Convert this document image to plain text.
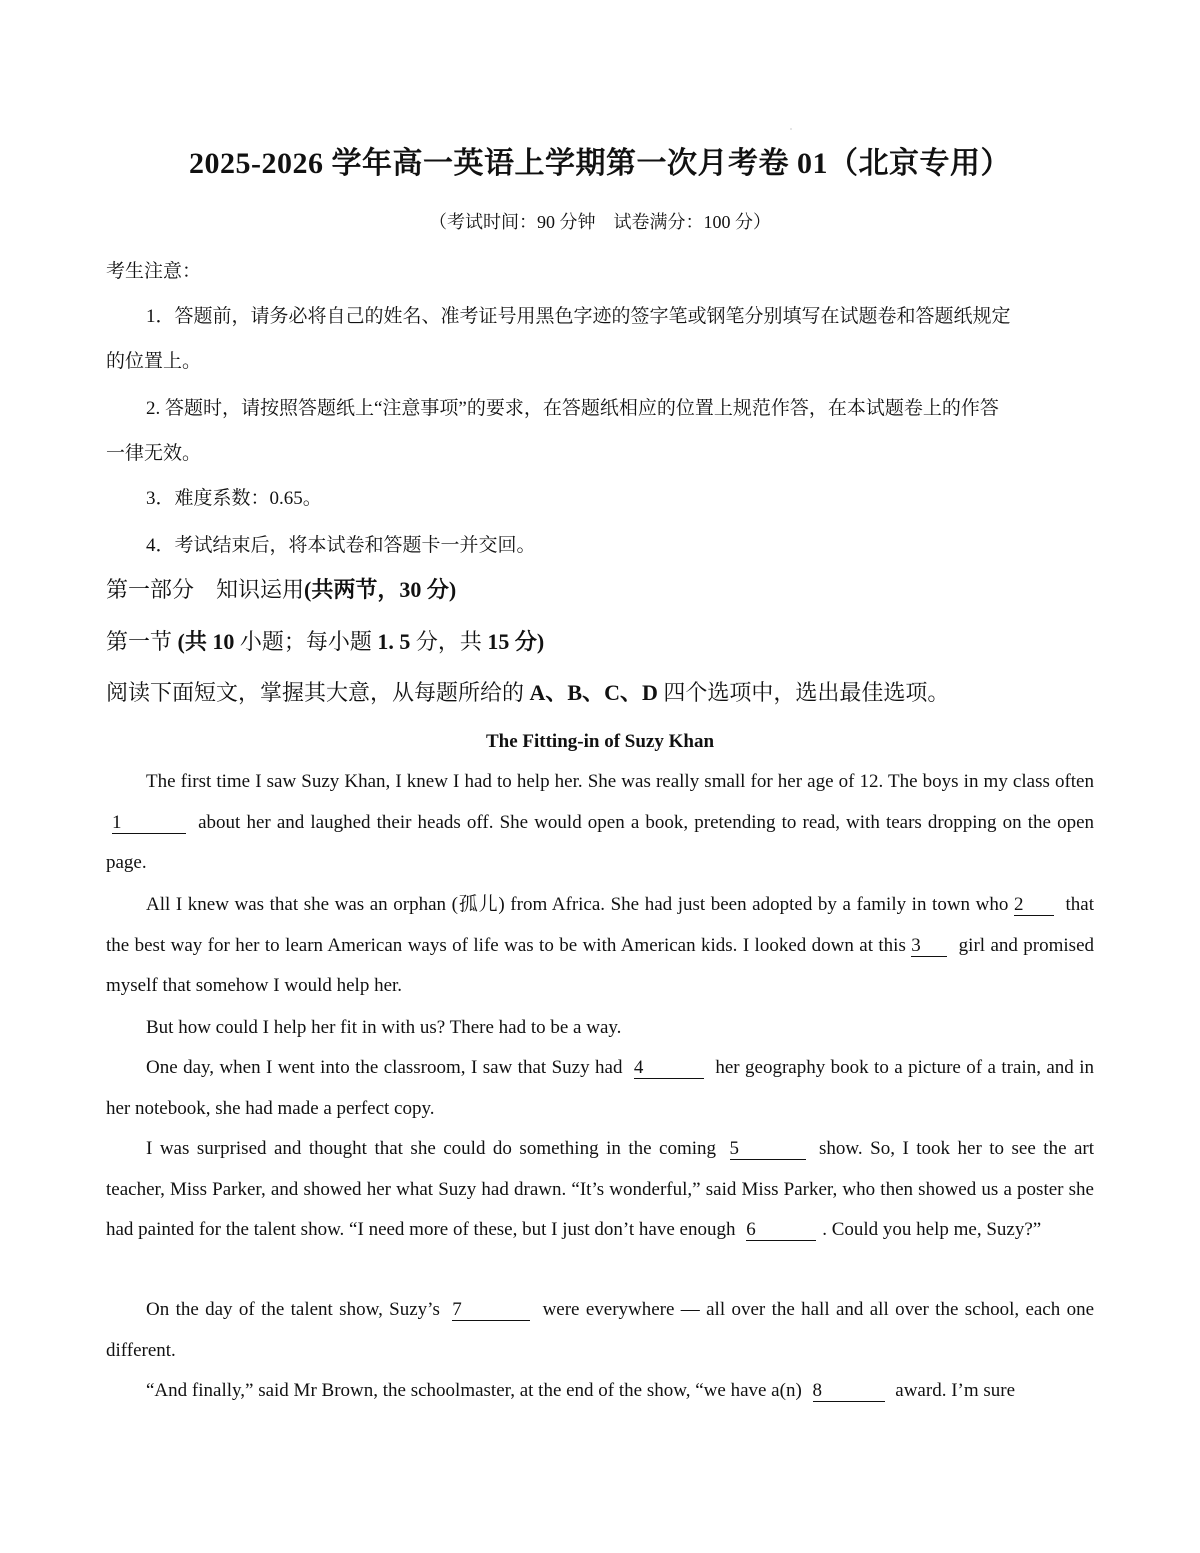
2025-2026 学年高一英语上学期第一次月考卷 01（北京专用）
（考试时间：90 分钟　试卷满分：100 分）
考生注意：
1．答题前，请务必将自己的姓名、准考证号用黑色字迹的签字笔或钢笔分别填写在试题卷和答题纸规定
的位置上。
2. 答题时，请按照答题纸上“注意事项”的要求，在答题纸相应的位置上规范作答，在本试题卷上的作答
一律无效。
3．难度系数：0.65。
4．考试结束后，将本试卷和答题卡一并交回。
第一部分　知识运用(共两节，30 分)
第一节 (共 10 小题；每小题 1. 5 分，共 15 分)
阅读下面短文，掌握其大意，从每题所给的 A、B、C、D 四个选项中，选出最佳选项。
The Fitting-in of Suzy Khan
The first time I saw Suzy Khan, I knew I had to help her. She was really small for her age of 12. The boys in my class often 1	about her and laughed their heads off. She would open a book, pretending to read, with tears dropping on the open page.
All I knew was that she was an orphan (孤儿) from Africa. She had just been adopted by a family in town who 2 that the best way for her to learn American ways of life was to be with American kids. I looked down at this 3 girl and promised myself that somehow I would help her.
But how could I help her fit in with us? There had to be a way.
One day, when I went into the classroom, I saw that Suzy had 4	her geography book to a picture of a train, and in her notebook, she had made a perfect copy.
I was surprised and thought that she could do something in the coming 5	show. So, I took her to see the art teacher, Miss Parker, and showed her what Suzy had drawn. “It’s wonderful,” said Miss Parker, who then showed us a poster she had painted for the talent show. “I need more of these, but I just don’t have enough 6	. Could you help me, Suzy?”
On the day of the talent show, Suzy’s 7	were everywhere — all over the hall and all over the school, each one different.
“And finally,” said Mr Brown, the schoolmaster, at the end of the show, “we have a(n) 8	award. I’m sure
